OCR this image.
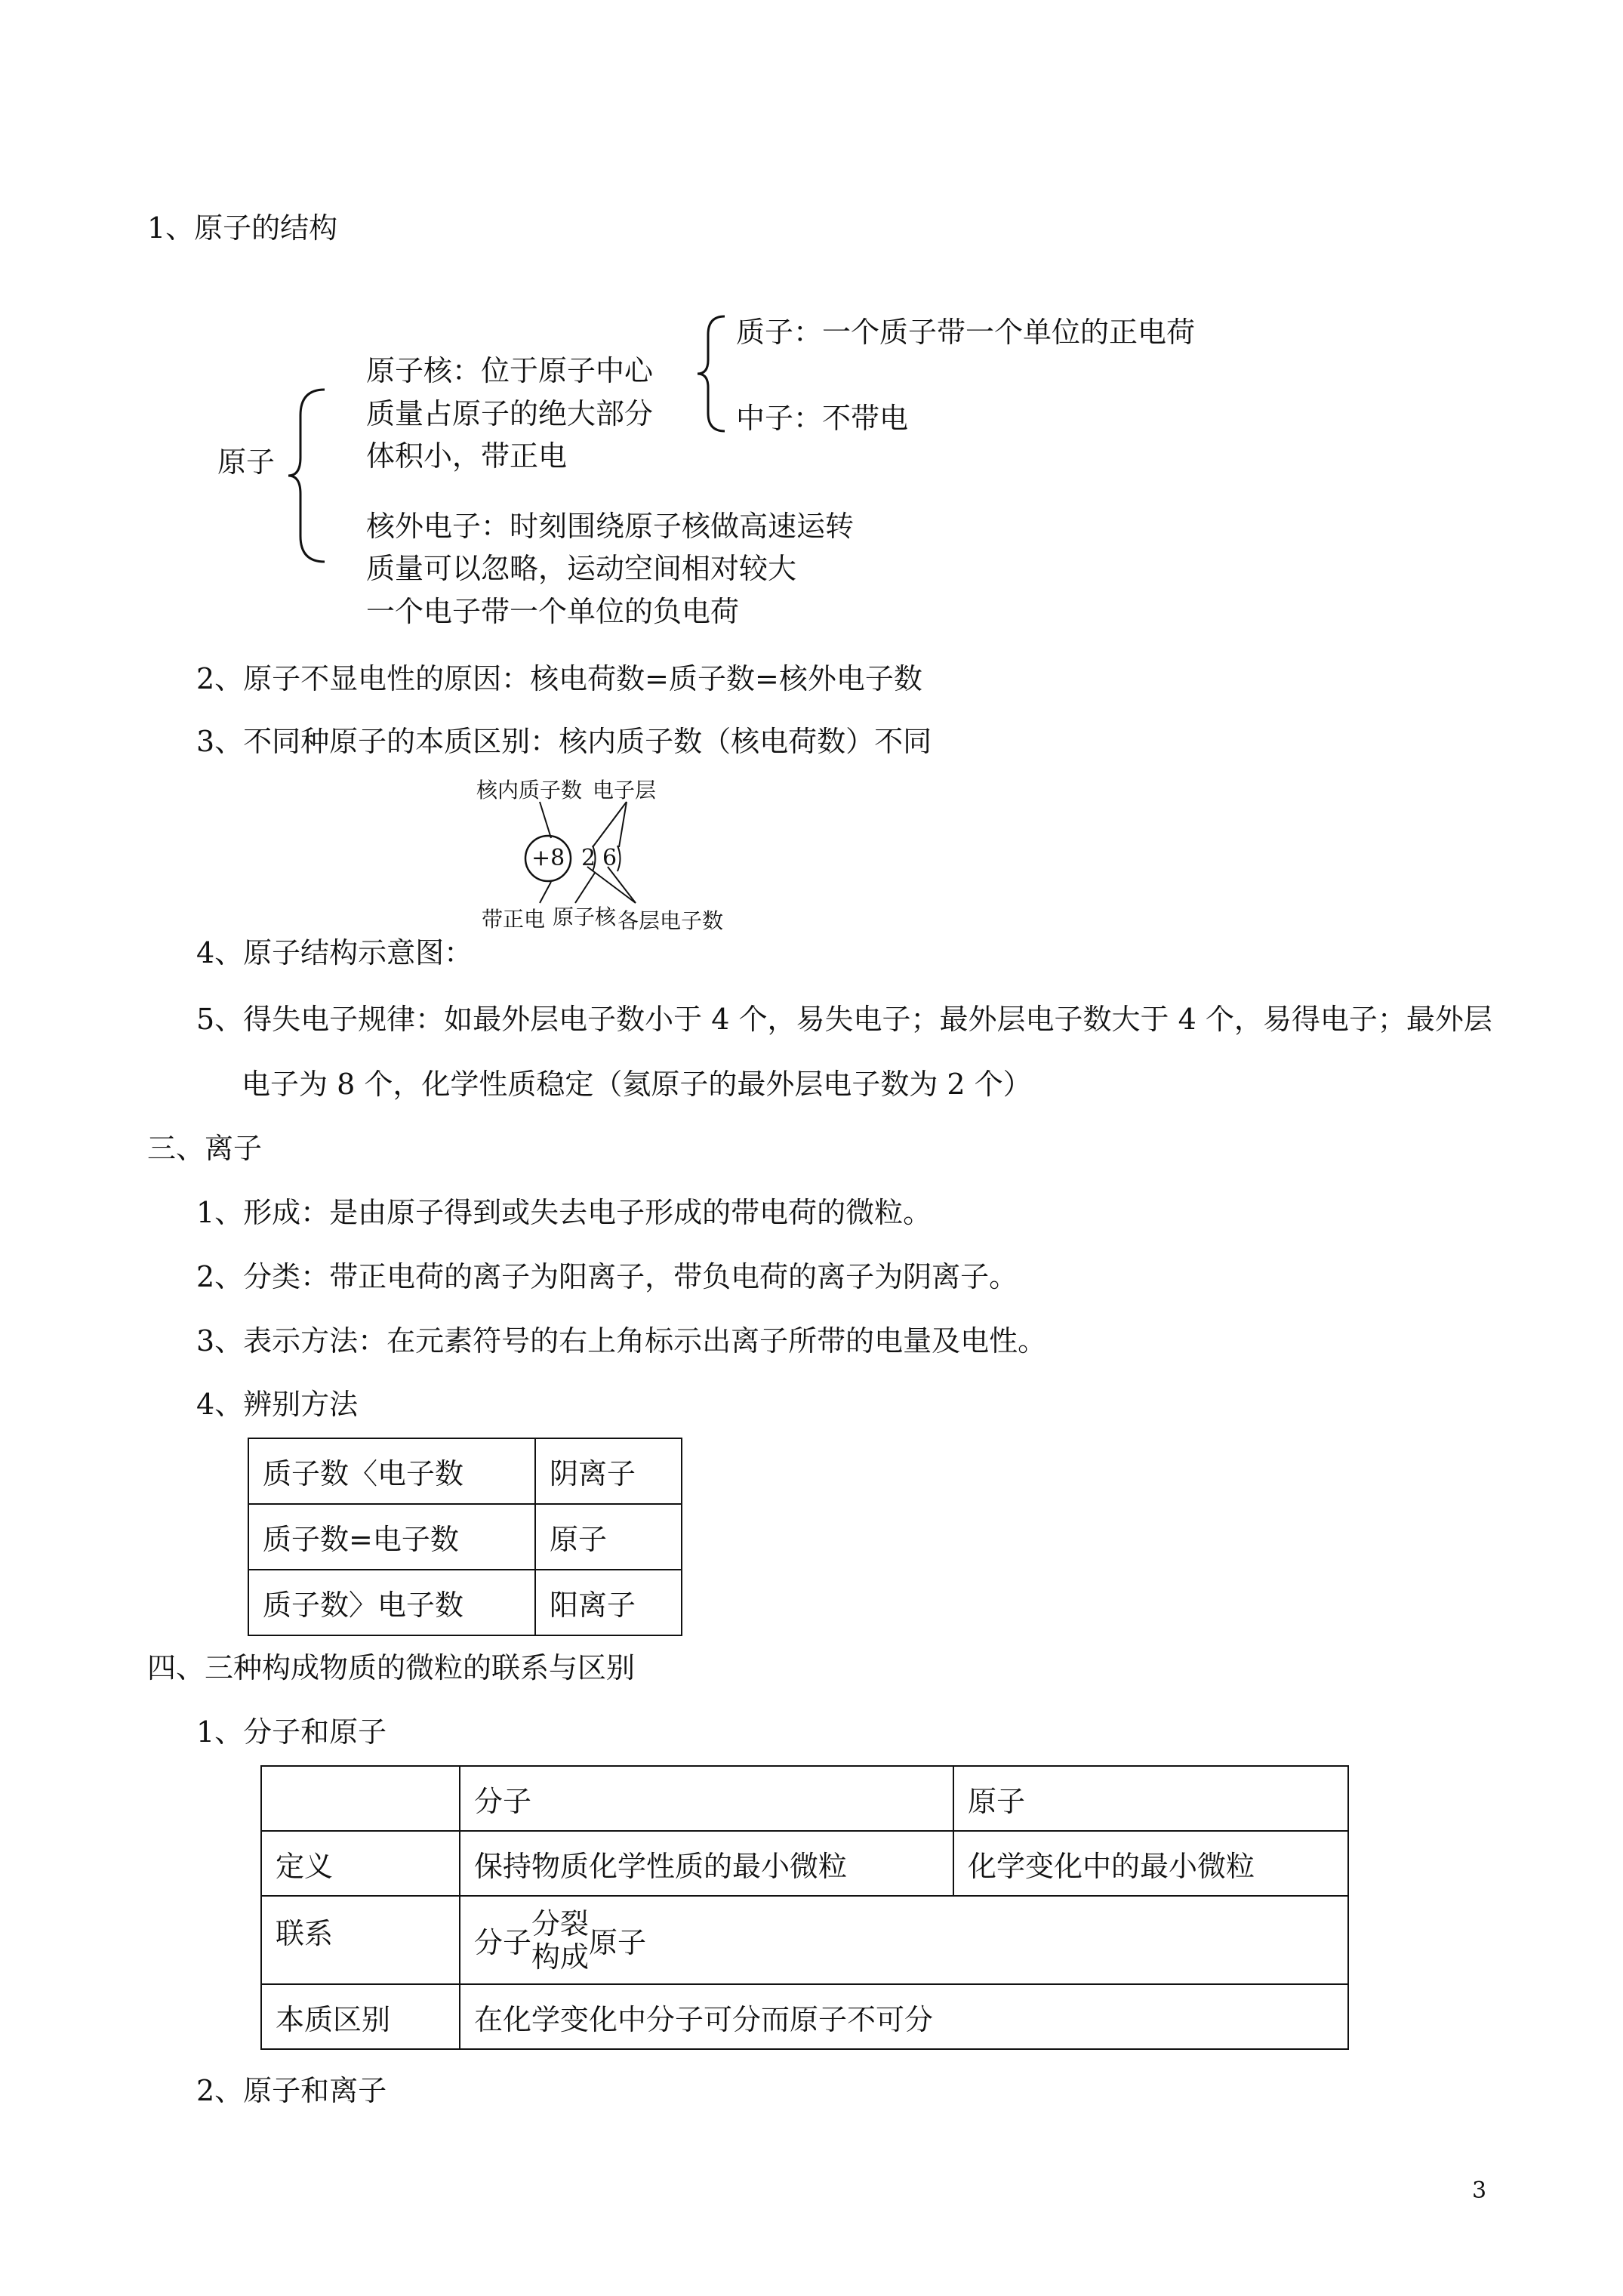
1、原子的结构
原子
原子核：位于原子中心
质量占原子的绝大部分
体积小，带正电
质子：一个质子带一个单位的正电荷
中子：不带电
核外电子：时刻围绕原子核做高速运转
质量可以忽略，运动空间相对较大
一个电子带一个单位的负电荷
2、原子不显电性的原因：核电荷数=质子数=核外电子数
3、不同种原子的本质区别：核内质子数（核电荷数）不同
核内质子数 电子层
+8 2 6
带正电 原子核 各层电子数
4、原子结构示意图：
5、得失电子规律：如最外层电子数小于 4 个，易失电子；最外层电子数大于 4 个，易得电子；最外层
电子为 8 个，化学性质稳定（氦原子的最外层电子数为 2 个）
三、离子
1、形成：是由原子得到或失去电子形成的带电荷的微粒。
2、分类：带正电荷的离子为阳离子，带负电荷的离子为阴离子。
3、表示方法：在元素符号的右上角标示出离子所带的电量及电性。
4、辨别方法
质子数〈电子数	阴离子
质子数=电子数	原子
质子数〉电子数	阳离子
四、三种构成物质的微粒的联系与区别
1、分子和原子
	分子	原子
定义	保持物质化学性质的最小微粒	化学变化中的最小微粒
联系	分子
分裂
构成 原子	
本质区别	在化学变化中分子可分而原子不可分	
2、原子和离子
3
